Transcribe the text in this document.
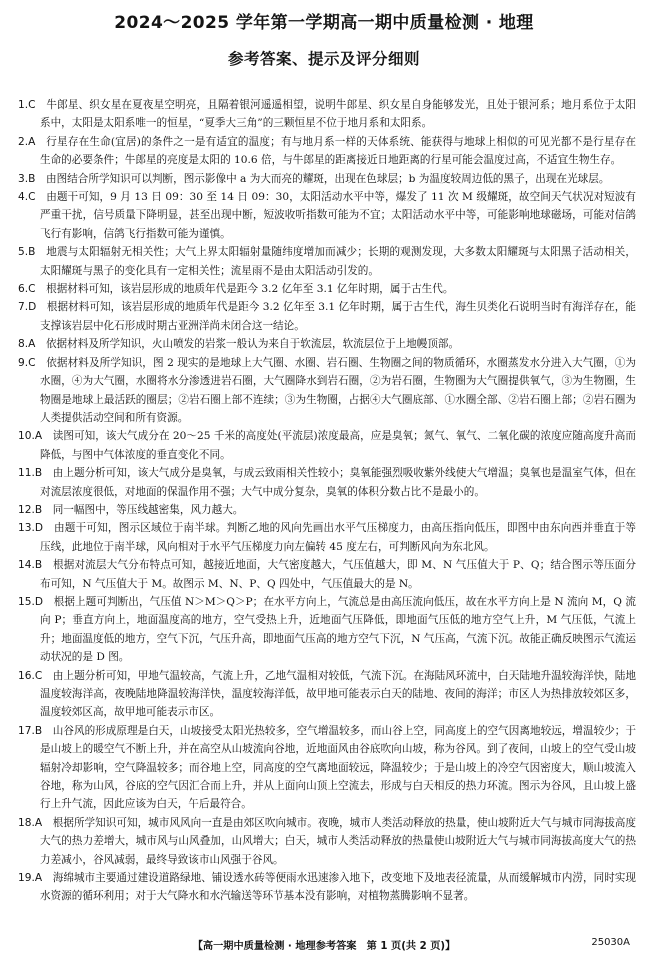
2024～2025 学年第一学期高一期中质量检测 · 地理
参考答案、提示及评分细则

1.C　 牛郎星、织女星在夏夜星空明亮，且隔着银河遥遥相望，说明牛郎星、织女星自身能够发光，且处于银河系；地月系位于太阳系中，太阳是太阳系唯一的恒星，“夏季大三角”的三颗恒星不位于地月系和太阳系。

2.A　 行星存在生命(宜居)的条件之一是有适宜的温度；有与地月系一样的天体系统、能获得与地球上相似的可见光都不是行星存在生命的必要条件；牛郎星的亮度是太阳的 10.6 倍，与牛郎星的距离接近日地距离的行星可能会温度过高，不适宜生物生存。

3.B　 由图结合所学知识可以判断，图示影像中 a 为大而亮的耀斑，出现在色球层；b 为温度较周边低的黑子，出现在光球层。

4.C　 由题干可知，9 月 13 日 09：30 至 14 日 09：30，太阳活动水平中等，爆发了 11 次 M 级耀斑，故空间天气状况对短波有严重干扰，信号质量下降明显，甚至出现中断，短波收听指数可能为不宜；太阳活动水平中等，可能影响地球磁场，可能对信鸽飞行有影响，信鸽飞行指数可能为谨慎。

5.B　 地震与太阳辐射无相关性；大气上界太阳辐射量随纬度增加而减少；长期的观测发现，大多数太阳耀斑与太阳黑子活动相关，太阳耀斑与黑子的变化具有一定相关性；流星雨不是由太阳活动引发的。

6.C　 根据材料可知，该岩层形成的地质年代是距今 3.2 亿年至 3.1 亿年时期，属于古生代。

7.D　 根据材料可知，该岩层形成的地质年代是距今 3.2 亿年至 3.1 亿年时期，属于古生代，海生贝类化石说明当时有海洋存在，能支撑该岩层中化石形成时期古亚洲洋尚未闭合这一结论。

8.A　 依据材料及所学知识，火山喷发的岩浆一般认为来自于软流层，软流层位于上地幔顶部。

9.C　 依据材料及所学知识，图 2 现实的是地球上大气圈、水圈、岩石圈、生物圈之间的物质循环，水圈蒸发水分进入大气圈，①为水圈，④为大气圈，水圈将水分渗透进岩石圈，大气圈降水到岩石圈，②为岩石圈，生物圈为大气圈提供氧气，③为生物圈，生物圈是地球上最活跃的圈层；②岩石圈上部不连续；③为生物圈，占据④大气圈底部、①水圈全部、②岩石圈上部；②岩石圈为人类提供活动空间和所有资源。

10.A　 读图可知，该大气成分在 20～25 千米的高度处(平流层)浓度最高，应是臭氧；氮气、氧气、二氧化碳的浓度应随高度升高而降低，与图中气体浓度的垂直变化不同。

11.B　 由上题分析可知，该大气成分是臭氧，与成云致雨相关性较小；臭氧能强烈吸收紫外线使大气增温；臭氧也是温室气体，但在对流层浓度很低，对地面的保温作用不强；大气中成分复杂，臭氧的体积分数占比不是最小的。

12.B　 同一幅图中，等压线越密集，风力越大。

13.D　 由题干可知，图示区域位于南半球。判断乙地的风向先画出水平气压梯度力，由高压指向低压，即图中由东向西并垂直于等压线，此地位于南半球，风向相对于水平气压梯度力向左偏转 45 度左右，可判断风向为东北风。

14.B　 根据对流层大气分布特点可知，越接近地面，大气密度越大，气压值越大，即 M、N 气压值大于 P、Q；结合图示等压面分布可知，N 气压值大于 M。故图示 M、N、P、Q 四处中，气压值最大的是 N。

15.D　 根据上题可判断出，气压值 N＞M＞Q＞P；在水平方向上，气流总是由高压流向低压，故在水平方向上是 N 流向 M，Q 流向 P；垂直方向上，地面温度高的地方，空气受热上升，近地面气压降低，即地面气压低的地方空气上升，M 气压低，气流上升；地面温度低的地方，空气下沉，气压升高，即地面气压高的地方空气下沉，N 气压高，气流下沉。故能正确反映图示气流运动状况的是 D 图。

16.C　 由上题分析可知，甲地气温较高，气流上升，乙地气温相对较低，气流下沉。在海陆风环流中，白天陆地升温较海洋快，陆地温度较海洋高，夜晚陆地降温较海洋快，温度较海洋低，故甲地可能表示白天的陆地、夜间的海洋；市区人为热排放较郊区多，温度较郊区高，故甲地可能表示市区。

17.B　 山谷风的形成原理是白天，山坡接受太阳光热较多，空气增温较多，而山谷上空，同高度上的空气因离地较远，增温较少；于是山坡上的暖空气不断上升，并在高空从山坡流向谷地，近地面风由谷底吹向山坡，称为谷风。到了夜间，山坡上的空气受山坡辐射冷却影响，空气降温较多；而谷地上空，同高度的空气离地面较远，降温较少；于是山坡上的冷空气因密度大，顺山坡流入谷地，称为山风，谷底的空气因汇合而上升，并从上面向山顶上空流去，形成与白天相反的热力环流。图示为谷风，且山坡上盛行上升气流，因此应该为白天，午后最符合。

18.A　 根据所学知识可知，城市风风向一直是由郊区吹向城市。夜晚，城市人类活动释放的热量，使山坡附近大气与城市同海拔高度大气的热力差增大，城市风与山风叠加，山风增大；白天，城市人类活动释放的热量使山坡附近大气与城市同海拔高度大气的热力差减小，谷风减弱，最终导致该市山风强于谷风。

19.A　 海绵城市主要通过建设道路绿地、铺设透水砖等便雨水迅速渗入地下，改变地下及地表径流量，从而缓解城市内涝，同时实现水资源的循环利用；对于大气降水和水汽输送等环节基本没有影响，对植物蒸腾影响不显著。

【高一期中质量检测 · 地理参考答案　第 1 页(共 2 页)】	25030A
